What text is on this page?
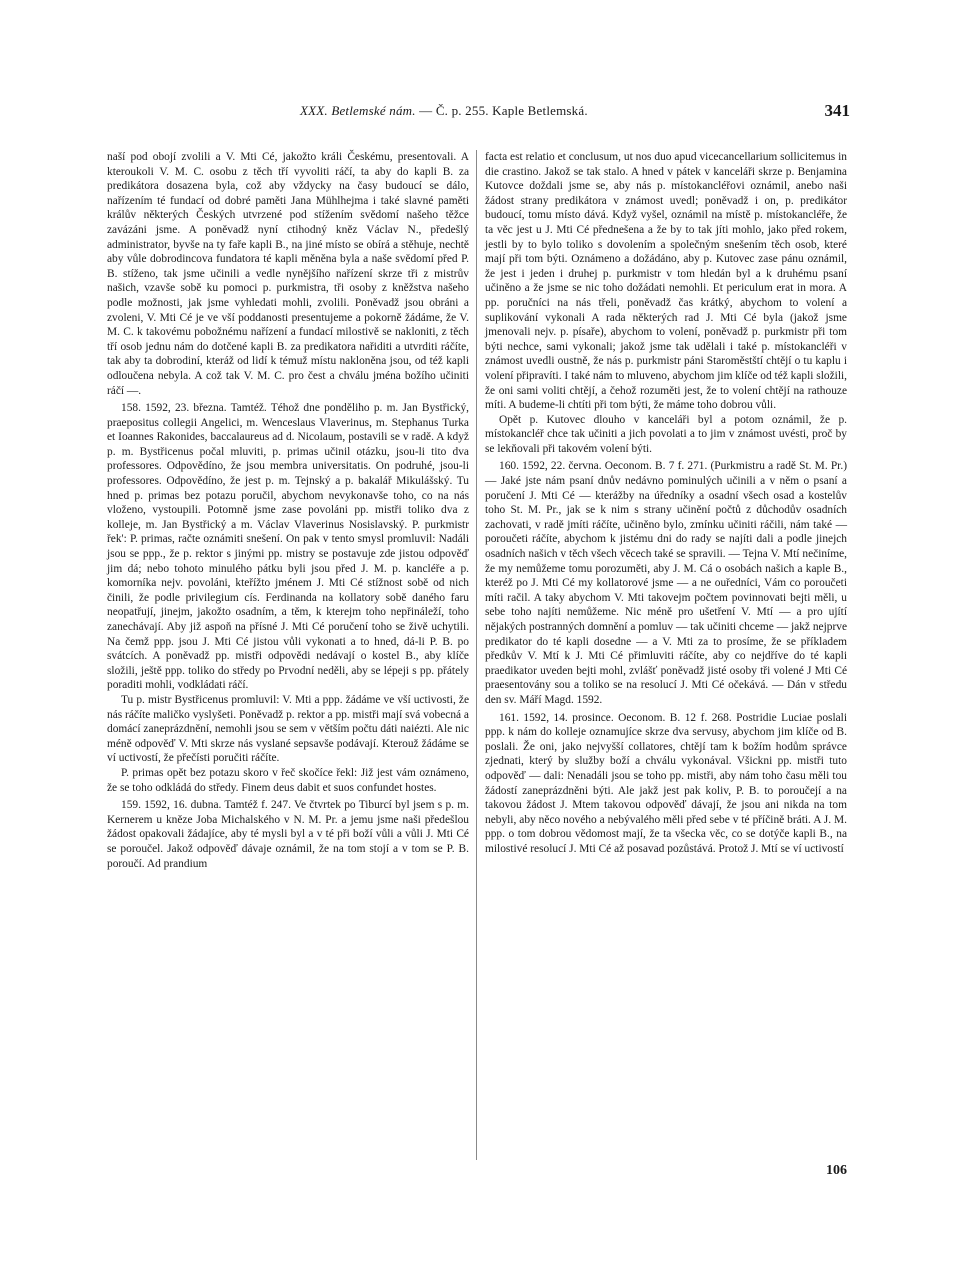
XXX. Betlemské nám. — Č. p. 255. Kaple Betlemská.	341

naší pod obojí zvolili a V. Mti Cé, jakožto králi Českému, presentovali. A kteroukoli V. M. C. osobu z těch tří vyvoliti ráčí, ta aby do kapli B. za predikátora dosazena byla, což aby vždycky na časy budoucí se dálo, nařízením té fundací od dobré paměti Jana Mühlhejma i také slavné paměti králův některých Českých utvrzené pod stížením svědomí našeho těžce zavázáni jsme. A poněvadž nyní ctihodný kněz Václav N., předešlý administrator, byvše na ty faře kapli B., na jiné místo se obírá a stěhuje, nechtě aby vůle dobrodincova fundatora té kapli měněna byla a naše svědomí před P. B. stíženo, tak jsme učinili a vedle nynějšího nařízení skrze tři z mistrův našich, vzavše sobě ku pomoci p. purkmistra, tři osoby z kněžstva našeho podle možnosti, jak jsme vyhledati mohli, zvolili. Poněvadž jsou obráni a zvoleni, V. Mti Cé je ve vší poddanosti presentujeme a pokorně žádáme, že V. M. C. k takovému pobožnému nařízení a fundací milostivě se nakloniti, z těch tří osob jednu nám do dotčené kapli B. za predikatora nařiditi a utvrditi ráčíte, tak aby ta dobrodiní, kteráž od lidí k témuž místu nakloněna jsou, od též kapli odloučena nebyla. A což tak V. M. C. pro čest a chválu jména božího učiniti ráčí —.

158. 1592, 23. března. Tamtéž. Téhož dne ponděliho p. m. Jan Bystřický, praepositus collegii Angelici, m. Wenceslaus Vlaverinus, m. Stephanus Turka et Ioannes Rakonides, baccalaureus ad d. Nicolaum, postavili se v radě. A když p. m. Bystřicenus počal mluviti, p. primas učinil otázku, jsou-li tito dva professores. Odpovědíno, že jsou membra universitatis. On podruhé, jsou-li professores. Odpovědíno, že jest p. m. Tejnský a p. bakalář Mikulášský. Tu hned p. primas bez potazu poručil, abychom nevykonavše toho, co na nás vloženo, vystoupili. Potomně jsme zase povoláni pp. mistři toliko dva z kolleje, m. Jan Bystřický a m. Václav Vlaverinus Nosislavský. P. purkmistr řek': P. primas, račte oznámiti snešení. On pak v tento smysl promluvil: Nadáli jsou se ppp., že p. rektor s jinými pp. mistry se postavuje zde jistou odpověď jim dá; nebo tohoto minulého pátku byli jsou před J. M. p. kancléře a p. komorníka nejv. povoláni, kteřížto jménem J. Mti Cé stížnost sobě od nich činili, že podle privilegium cís. Ferdinanda na kollatory sobě daného faru neopatřují, jinejm, jakožto osadním, a těm, k kterejm toho nepřináleží, toho zanechávají. Aby již aspoň na přísné J. Mti Cé poručení toho se živě uchytili. Na čemž ppp. jsou J. Mti Cé jistou vůli vykonati a to hned, dá-li P. B. po svátcích. A poněvadž pp. mistři odpovědi nedávají o kostel B., aby klíče složili, ještě ppp. toliko do středy po Prvodní neděli, aby se lépeji s pp. přátely poraditi mohli, vodkládati ráčí.

Tu p. mistr Bystřicenus promluvil: V. Mti a ppp. žádáme ve vší uctivosti, že nás ráčíte maličko vyslyšeti. Poněvadž p. rektor a pp. mistři mají svá vobecná a domácí zaneprázdnění, nemohli jsou se sem v větším počtu dáti naiézti. Ale nic méně odpověď V. Mti skrze nás vyslané sepsavše podávají. Kterouž žádáme se ví uctivostí, že přečísti poručiti ráčíte.

P. primas opět bez potazu skoro v řeč skočíce řekl: Již jest vám oznámeno, že se toho odkládá do středy. Finem deus dabit et suos confundet hostes.

159. 1592, 16. dubna. Tamtéž f. 247. Ve čtvrtek po Tiburcí byl jsem s p. m. Kernerem u kněze Joba Michalského v N. M. Pr. a jemu jsme naši předešlou žádost opakovali žádajíce, aby té mysli byl a v té při boží vůli a vůli J. Mti Cé se poroučel. Jakož odpověď dávaje oznámil, že na tom stojí a v tom se P. B. poroučí. Ad prandium

facta est relatio et conclusum, ut nos duo apud vicecancellarium sollicitemus in die crastino. Jakož se tak stalo. A hned v pátek v kanceláři skrze p. Benjamina Kutovce doždali jsme se, aby nás p. místokancléřovi oznámil, anebo naši žádost strany predikátora v známost uvedl; poněvadž i on, p. predikátor budoucí, tomu místo dává. Když vyšel, oznámil na místě p. místokancléře, že ta věc jest u J. Mti Cé přednešena a že by to tak jíti mohlo, jako před rokem, jestli by to bylo toliko s dovolením a společným snešením těch osob, které mají při tom býti. Oznámeno a dožádáno, aby p. Kutovec zase pánu oznámil, že jest i jeden i druhej p. purkmistr v tom hledán byl a k druhému psaní učiněno a že jsme se nic toho dožádati nemohli. Et periculum erat in mora. A pp. poručníci na nás třeli, poněvadž čas krátký, abychom to volení a suplikování vykonali A rada některých rad J. Mti Cé byla (jakož jsme jmenovali nejv. p. písaře), abychom to volení, poněvadž p. purkmistr při tom býti nechce, sami vykonali; jakož jsme tak udělali i také p. místokancléři v známost uvedli oustně, že nás p. purkmistr páni Staroměstští chtějí o tu kaplu i volení připravíti. I také nám to mluveno, abychom jim klíče od též kapli složili, že oni sami voliti chtějí, a čehož rozuměti jest, že to volení chtějí na rathouze míti. A budeme-li chtíti při tom býti, že máme toho dobrou vůli.

Opět p. Kutovec dlouho v kanceláři byl a potom oznámil, že p. místokancléř chce tak učiniti a jich povolati a to jim v známost uvésti, proč by se lekňovali při takovém volení býti.

160. 1592, 22. června. Oeconom. B. 7 f. 271. (Purkmistru a radě St. M. Pr.) — Jaké jste nám psaní dnův nedávno pominulých učinili a v něm o psaní a poručení J. Mti Cé — kterážby na úředníky a osadní všech osad a kostelův toho St. M. Pr., jak se k nim s strany učinění počtů z důchodův osadních zachovati, v radě jmíti ráčíte, učiněno bylo, zmínku učiniti ráčili, nám také — poroučeti ráčíte, abychom k jistému dni do rady se najíti dali a podle jinejch osadních našich v těch všech věcech také se spravili. — Tejna V. Mtí nečiníme, že my nemůžeme tomu porozuměti, aby J. M. Cá o osobách našich a kaple B., kteréž po J. Mti Cé my kollatorové jsme — a ne ouředníci, Vám co poroučeti míti račil. A taky abychom V. Mti takovejm počtem povinnovati bejti měli, u sebe toho najíti nemůžeme. Nic méně pro ušetření V. Mtí — a pro ujítí nějakých postranných domnění a pomluv — tak učiniti chceme — jakž nejprve predikator do té kapli dosedne — a V. Mti za to prosíme, že se příkladem předkův V. Mtí k J. Mti Cé přimluviti ráčíte, aby co nejdříve do té kapli praedikator uveden bejti mohl, zvlášť poněvadž jisté osoby tři volené J Mti Cé praesentovány sou a toliko se na resolucí J. Mti Cé očekává. — Dán v středu den sv. Máří Magd. 1592.

161. 1592, 14. prosince. Oeconom. B. 12 f. 268. Postridie Luciae poslali ppp. k nám do kolleje oznamujíce skrze dva servusy, abychom jim klíče od B. poslali. Že oni, jako nejvyšší collatores, chtějí tam k božím hodům správce zjednati, který by služby boží a chválu vykonával. Všickni pp. mistři tuto odpověď — dali: Nenadáli jsou se toho pp. mistři, aby nám toho času měli tou žádostí zaneprázdněni býti. Ale jakž jest pak koliv, P. B. to poroučejí a na takovou žádost J. Mtem takovou odpověď dávají, že jsou ani nikda na tom nebyli, aby něco nového a nebývalého měli před sebe v té příčině bráti. A J. M. ppp. o tom dobrou vědomost mají, že ta všecka věc, co se dotýče kapli B., na milostivé resolucí J. Mti Cé až posavad pozůstává. Protož J. Mtí se ví uctivostí

106
